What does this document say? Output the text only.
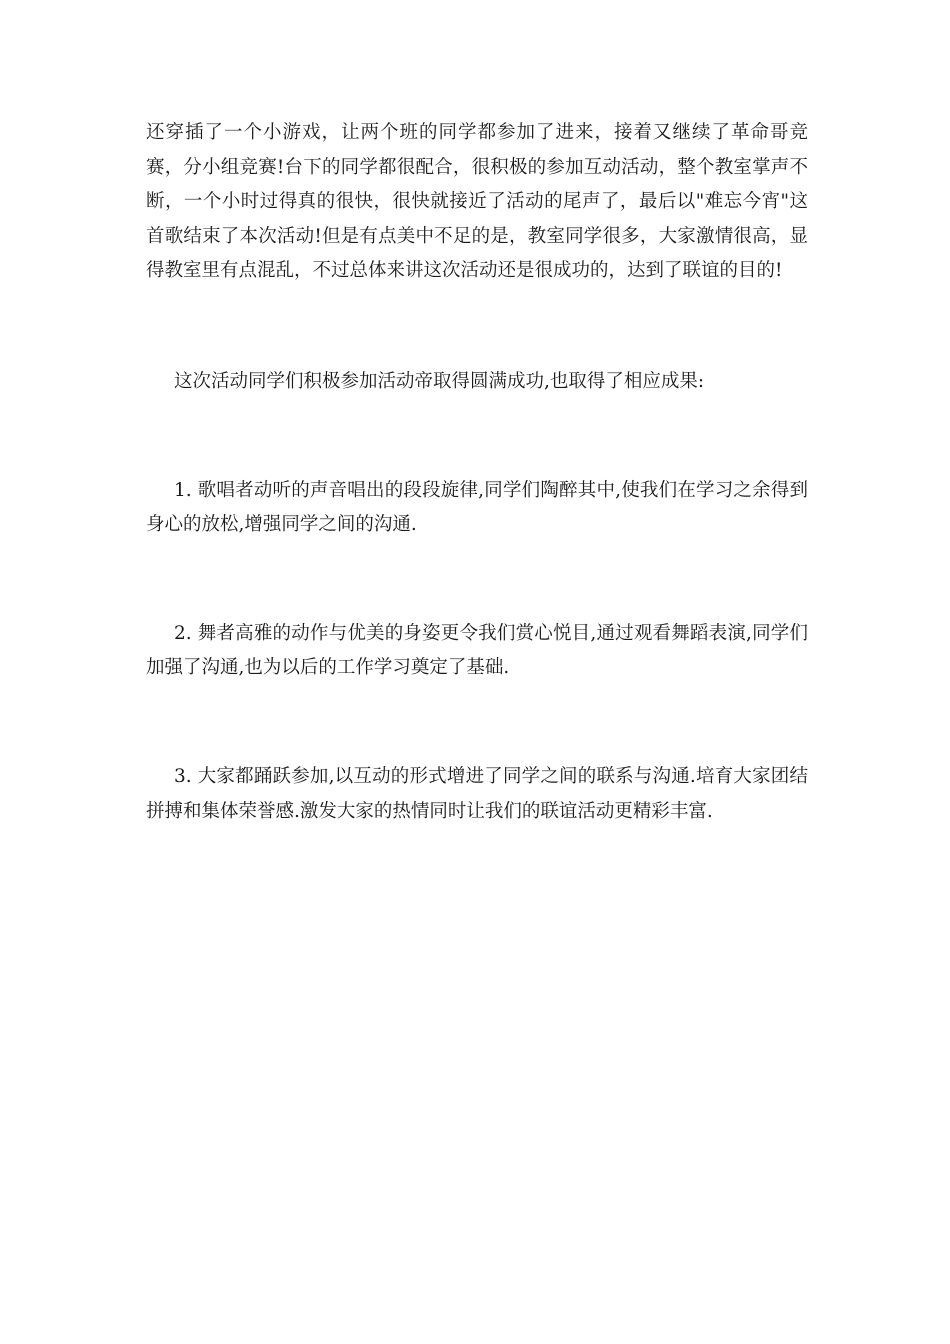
还穿插了一个小游戏，让两个班的同学都参加了进来，接着又继续了革命哥竞赛，分小组竞赛!台下的同学都很配合，很积极的参加互动活动，整个教室掌声不断，一个小时过得真的很快，很快就接近了活动的尾声了，最后以"难忘今宵"这首歌结束了本次活动!但是有点美中不足的是，教室同学很多，大家激情很高，显得教室里有点混乱，不过总体来讲这次活动还是很成功的，达到了联谊的目的!

这次活动同学们积极参加活动帝取得圆满成功,也取得了相应成果:

1. 歌唱者动听的声音唱出的段段旋律,同学们陶醉其中,使我们在学习之余得到身心的放松,增强同学之间的沟通.

2. 舞者高雅的动作与优美的身姿更令我们赏心悦目,通过观看舞蹈表演,同学们加强了沟通,也为以后的工作学习奠定了基础.

3. 大家都踊跃参加,以互动的形式增进了同学之间的联系与沟通.培育大家团结拼搏和集体荣誉感.激发大家的热情同时让我们的联谊活动更精彩丰富.
